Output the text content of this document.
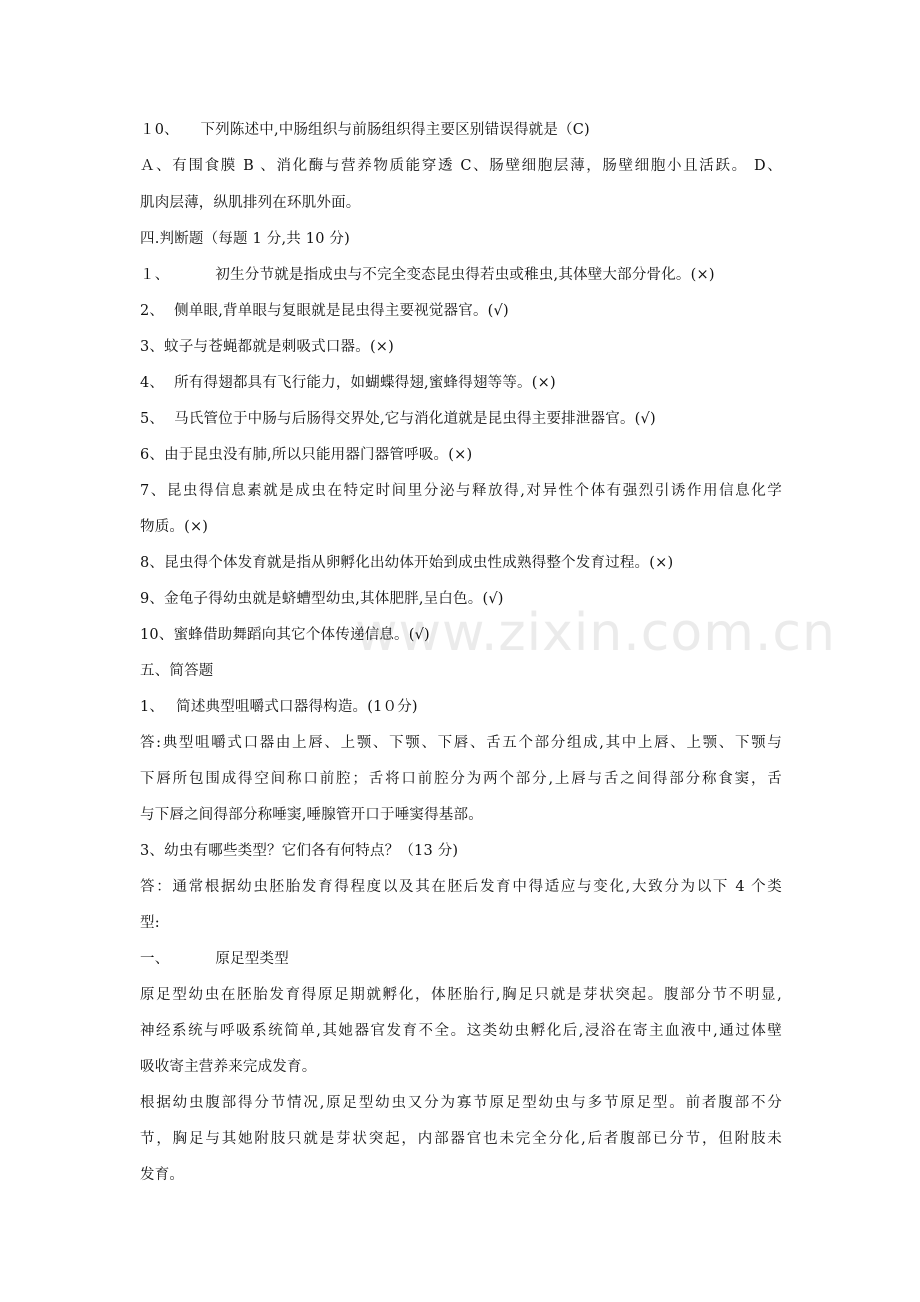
www.zixin.com.cn
１0、 下列陈述中,中肠组织与前肠组织得主要区别错误得就是（C)
Ａ、有围食膜 B 、消化酶与营养物质能穿透 C、肠壁细胞层薄，肠壁细胞小且活跃。 D、
肌肉层薄，纵肌排列在环肌外面。
四.判断题（每题 1 分,共 10 分)
１、	初生分节就是指成虫与不完全变态昆虫得若虫或稚虫,其体壁大部分骨化。(×)
2、 侧单眼,背单眼与复眼就是昆虫得主要视觉器官。(√)
3、蚊子与苍蝇都就是刺吸式口器。(×)
4、 所有得翅都具有飞行能力，如蝴蝶得翅,蜜蜂得翅等等。(×)
5、 马氏管位于中肠与后肠得交界处,它与消化道就是昆虫得主要排泄器官。(√)
6、由于昆虫没有肺,所以只能用器门器管呼吸。(×)
7、昆虫得信息素就是成虫在特定时间里分泌与释放得,对异性个体有强烈引诱作用信息化学
物质。(×)
8、昆虫得个体发育就是指从卵孵化出幼体开始到成虫性成熟得整个发育过程。(×)
9、金龟子得幼虫就是蛴螬型幼虫,其体肥胖,呈白色。(√)
10、蜜蜂借助舞蹈向其它个体传递信息。(√)
五、简答题
1、 简述典型咀嚼式口器得构造。(1０分)
答:典型咀嚼式口器由上唇、上颚、下颚、下唇、舌五个部分组成,其中上唇、上颚、下颚与
下唇所包围成得空间称口前腔；舌将口前腔分为两个部分,上唇与舌之间得部分称食窦，舌
与下唇之间得部分称唾窦,唾腺管开口于唾窦得基部。
3、幼虫有哪些类型？它们各有何特点？（13 分)
答：通常根据幼虫胚胎发育得程度以及其在胚后发育中得适应与变化,大致分为以下 4 个类
型:
一、	原足型类型
原足型幼虫在胚胎发育得原足期就孵化，体胚胎行,胸足只就是芽状突起。腹部分节不明显,
神经系统与呼吸系统简单,其她器官发育不全。这类幼虫孵化后,浸浴在寄主血液中,通过体壁
吸收寄主营养来完成发育。
根据幼虫腹部得分节情况,原足型幼虫又分为寡节原足型幼虫与多节原足型。前者腹部不分
节，胸足与其她附肢只就是芽状突起，内部器官也未完全分化,后者腹部已分节，但附肢未
发育。
